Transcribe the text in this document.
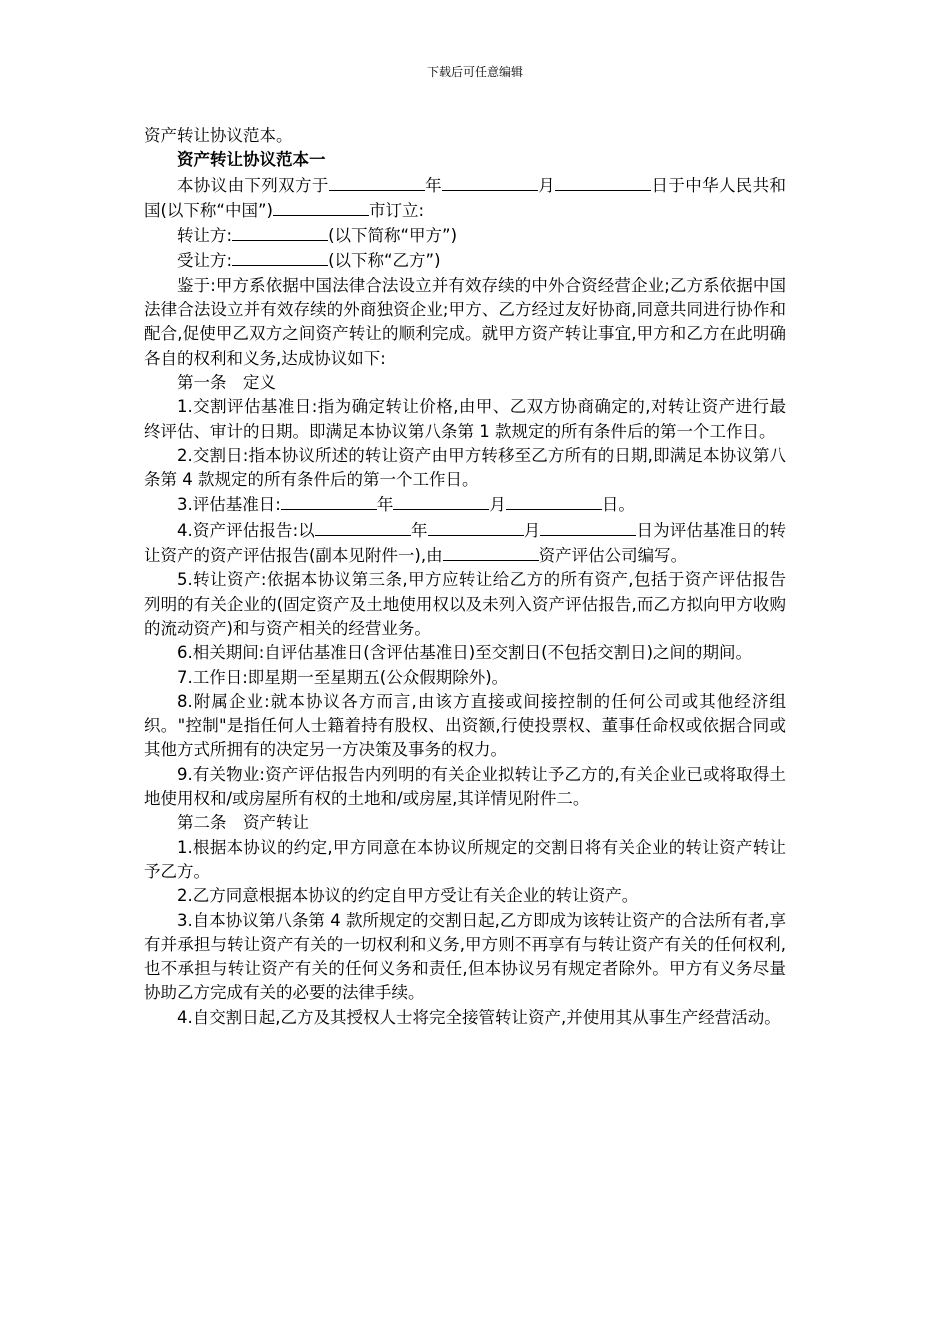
下载后可任意编辑

资产转让协议范本。

资产转让协议范本一

本协议由下列双方于	年	月	日于中华人民共和国(以下称“中国”)	市订立:

转让方:	(以下简称“甲方”)

受让方:	(以下称“乙方”)

鉴于:甲方系依据中国法律合法设立并有效存续的中外合资经营企业;乙方系依据中国法律合法设立并有效存续的外商独资企业;甲方、乙方经过友好协商,同意共同进行协作和配合,促使甲乙双方之间资产转让的顺利完成。就甲方资产转让事宜,甲方和乙方在此明确各自的权利和义务,达成协议如下:

第一条　定义

1.交割评估基准日:指为确定转让价格,由甲、乙双方协商确定的,对转让资产进行最终评估、审计的日期。即满足本协议第八条第 1 款规定的所有条件后的第一个工作日。

2.交割日:指本协议所述的转让资产由甲方转移至乙方所有的日期,即满足本协议第八条第 4 款规定的所有条件后的第一个工作日。

3.评估基准日:	年	月	日。

4.资产评估报告:以	年	月	日为评估基准日的转让资产的资产评估报告(副本见附件一),由	资产评估公司编写。

5.转让资产:依据本协议第三条,甲方应转让给乙方的所有资产,包括于资产评估报告列明的有关企业的(固定资产及土地使用权以及未列入资产评估报告,而乙方拟向甲方收购的流动资产)和与资产相关的经营业务。

6.相关期间:自评估基准日(含评估基准日)至交割日(不包括交割日)之间的期间。

7.工作日:即星期一至星期五(公众假期除外)。

8.附属企业:就本协议各方而言,由该方直接或间接控制的任何公司或其他经济组织。"控制"是指任何人士籍着持有股权、出资额,行使投票权、董事任命权或依据合同或其他方式所拥有的决定另一方决策及事务的权力。

9.有关物业:资产评估报告内列明的有关企业拟转让予乙方的,有关企业已或将取得土地使用权和/或房屋所有权的土地和/或房屋,其详情见附件二。

第二条　资产转让

1.根据本协议的约定,甲方同意在本协议所规定的交割日将有关企业的转让资产转让予乙方。

2.乙方同意根据本协议的约定自甲方受让有关企业的转让资产。

3.自本协议第八条第 4 款所规定的交割日起,乙方即成为该转让资产的合法所有者,享有并承担与转让资产有关的一切权利和义务,甲方则不再享有与转让资产有关的任何权利,也不承担与转让资产有关的任何义务和责任,但本协议另有规定者除外。甲方有义务尽量协助乙方完成有关的必要的法律手续。

4.自交割日起,乙方及其授权人士将完全接管转让资产,并使用其从事生产经营活动。
